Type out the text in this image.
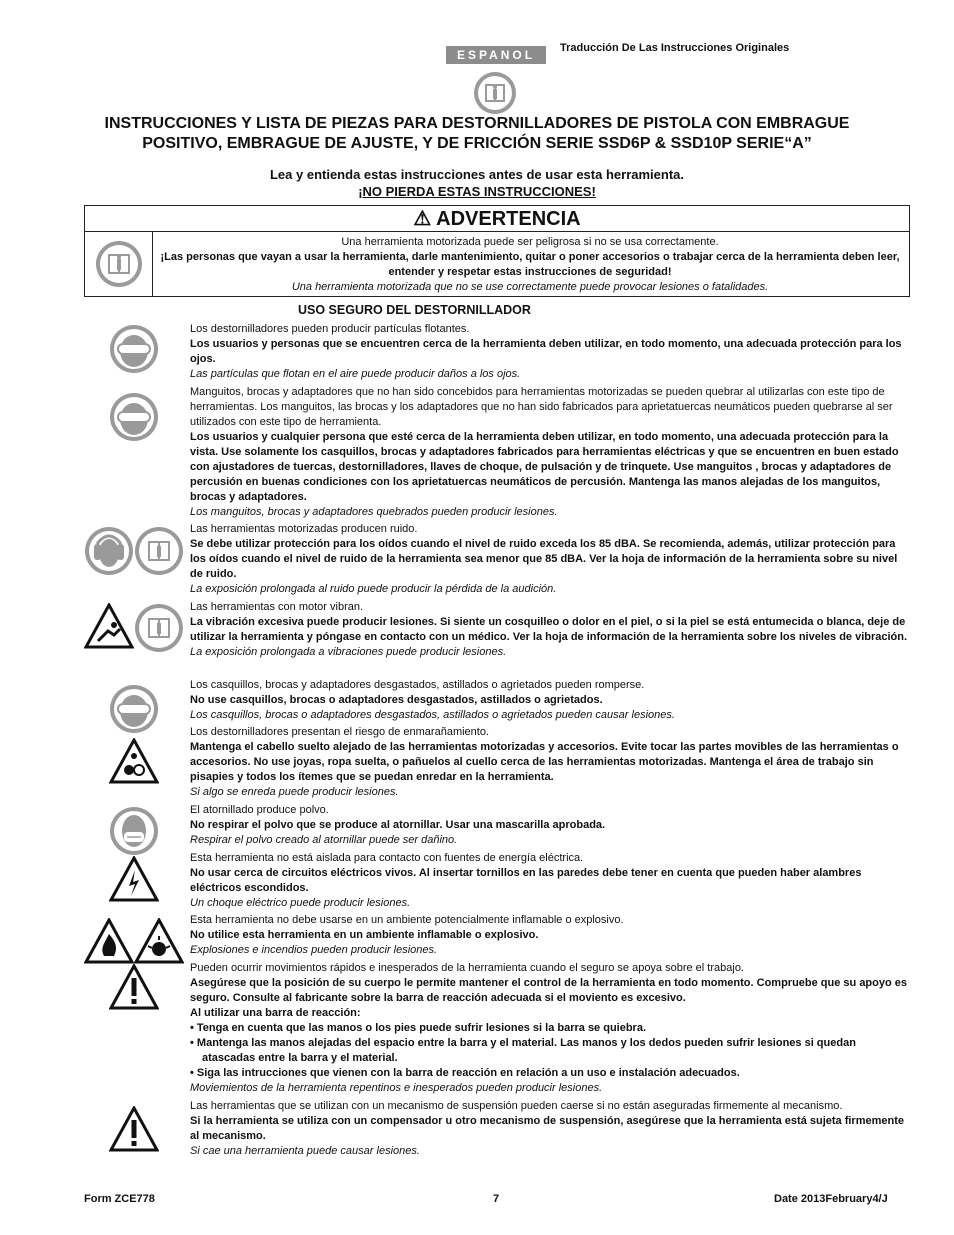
ESPANOL	Traducción De Las Instrucciones Originales
INSTRUCCIONES Y LISTA DE PIEZAS PARA DESTORNILLADORES DE PISTOLA CON EMBRAGUE POSITIVO, EMBRAGUE DE AJUSTE, Y DE FRICCIÓN SERIE SSD6P & SSD10P SERIE“A”
Lea y entienda estas instrucciones antes de usar esta herramienta.
¡NO PIERDA ESTAS INSTRUCCIONES!
⚠ ADVERTENCIA
Una herramienta motorizada puede ser peligrosa si no se usa correctamente.
¡Las personas que vayan a usar la herramienta, darle mantenimiento, quitar o poner accesorios o trabajar cerca de la herramienta deben leer, entender y respetar estas instrucciones de seguridad!
Una herramienta motorizada que no se use correctamente puede provocar lesiones o fatalidades.
USO SEGURO DEL DESTORNILLADOR

Los destornilladores pueden producir partículas flotantes.

Los usuarios y personas que se encuentren cerca de la herramienta deben utilizar, en todo momento, una adecuada protección para los ojos.

Las partículas que flotan en el aire puede producir daños a los ojos.

Manguitos, brocas y adaptadores que no han sido concebidos para herramientas motorizadas se pueden quebrar al utilizarlas con este tipo de herramientas. Los manguitos, las brocas y los adaptadores que no han sido fabricados para aprietatuercas neumáticos pueden quebrarse al ser utilizados con este tipo de herramienta.

Los usuarios y cualquier persona que esté cerca de la herramienta deben utilizar, en todo momento, una adecuada protección para la vista. Use solamente los casquillos, brocas y adaptadores fabricados para herramientas eléctricas y que se encuentren en buen estado con ajustadores de tuercas, destornilladores, llaves de choque, de pulsación y de trinquete. Use manguitos , brocas y adaptadores de percusión en buenas condiciones con los aprietatuercas neumáticos de percusión. Mantenga las manos alejadas de los manguitos, brocas y adaptadores.

Los manguitos, brocas y adaptadores quebrados pueden producir lesiones.

Las herramientas motorizadas producen ruido.

Se debe utilizar protección para los oídos cuando el nivel de ruido exceda los 85 dBA. Se recomienda, además, utilizar protección para los oídos cuando el nivel de ruido de la herramienta sea menor que 85 dBA. Ver la hoja de información de la herramienta sobre su nivel de ruido.

La exposición prolongada al ruido puede producir la pérdida de la audición.

Las herramientas con motor vibran.

La vibración excesiva puede producir lesiones. Si siente un cosquilleo o dolor en el piel, o si la piel se está entumecida o blanca, deje de utilizar la herramienta y póngase en contacto con un médico. Ver la hoja de información de la herramienta sobre los niveles de vibración.

La exposición prolongada a vibraciones puede producir lesiones.

Los casquillos, brocas y adaptadores desgastados, astillados o agrietados pueden romperse.

No use casquillos, brocas o adaptadores desgastados, astillados o agrietados.

Los casquillos, brocas o adaptadores desgastados, astillados o agrietados pueden causar lesiones.

Los destornilladores presentan el riesgo de enmarañamiento.

Mantenga el cabello suelto alejado de las herramientas motorizadas y accesorios. Evite tocar las partes movibles de las herramientas o accesorios. No use joyas, ropa suelta, o pañuelos al cuello cerca de las herramientas motorizadas. Mantenga el área de trabajo sin pisapies y todos los ítemes que se puedan enredar en la herramienta.

Si algo se enreda puede producir lesiones.

El atornillado produce polvo.

No respirar el polvo que se produce al atornillar. Usar una mascarilla aprobada.

Respirar el polvo creado al atornillar puede ser dañino.

Esta herramienta no está aislada para contacto con fuentes de energía eléctrica.

No usar cerca de circuitos eléctricos vivos. Al insertar tornillos en las paredes debe tener en cuenta que pueden haber alambres eléctricos escondidos.

Un choque eléctrico puede producir lesiones.

Esta herramienta no debe usarse en un ambiente potencialmente inflamable o explosivo.

No utilice esta herramienta en un ambiente inflamable o explosivo.

Explosiones e incendios pueden producir lesiones.

Pueden ocurrir movimientos rápidos e inesperados de la herramienta cuando el seguro se apoya sobre el trabajo.

Asegúrese que la posición de su cuerpo le permite mantener el control de la herramienta en todo momento. Compruebe que su apoyo es seguro. Consulte al fabricante sobre la barra de reacción adecuada si el moviento es excesivo.

Al utilizar una barra de reacción:

• Tenga en cuenta que las manos o los pies puede sufrir lesiones si la barra se quiebra.

• Mantenga las manos alejadas del espacio entre la barra y el material. Las manos y los dedos pueden sufrir lesiones si quedan atascadas entre la barra y el material.

• Siga las intrucciones que vienen con la barra de reacción en relación a un uso e instalación adecuados.

Moviemientos de la herramienta repentinos e inesperados pueden producir lesiones.

Las herramientas que se utilizan con un mecanismo de suspensión pueden caerse si no están aseguradas firmemente al mecanismo.

Si la herramienta se utiliza con un compensador u otro mecanismo de suspensión, asegúrese que la herramienta está sujeta firmemente al mecanismo.

Si cae una herramienta puede causar lesiones.

Form ZCE778	7	Date 2013February4/J
